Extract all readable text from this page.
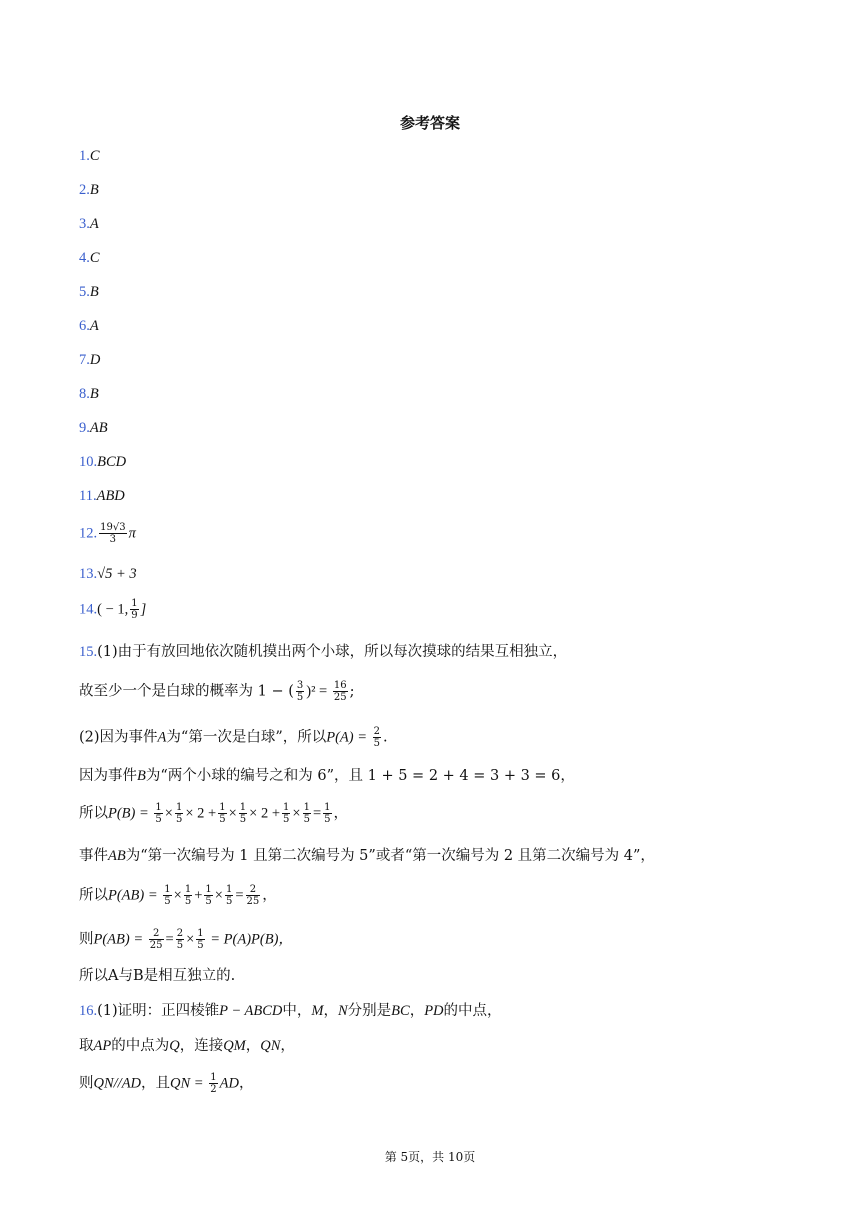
参考答案
1.C
2.B
3.A
4.C
5.B
6.A
7.D
8.B
9.AB
10.BCD
11.ABD
12. $\frac{19√3}{3}$ π
13.√5 + 3
14.( − 1, $\frac{1}{9}$ ]
15.(1)由于有放回地依次随机摸出两个小球，所以每次摸球的结果互相独立，
故至少一个是白球的概率为 1 − ( $\frac{3}{5} )^2 = \frac{16}{25}$ ;
(2)因为事件A为“第一次是白球”，所以$P(A) = \frac{2}{5}$ .
因为事件B为“两个小球的编号之和为 6”，且 1 + 5 = 2 + 4 = 3 + 3 = 6，
所以$P(B) = \frac{1}{5} \times \frac{1}{5} \times 2 + \frac{1}{5} \times \frac{1}{5} \times 2 + \frac{1}{5} \times \frac{1}{5} = \frac{1}{5}$ ，
事件AB为“第一次编号为 1 且第二次编号为 5”或者“第一次编号为 2 且第二次编号为 4”，
所以$P(AB) = \frac{1}{5} \times \frac{1}{5} + \frac{1}{5} \times \frac{1}{5} = \frac{2}{25}$ ，
则$P(AB) = \frac{2}{25} = \frac{2}{5} \times \frac{1}{5} = P(A)P(B)$，
所以A与B是相互独立的.
16.(1)证明：正四棱锥P − ABCD中，M，N分别是BC，PD的中点，
取AP的中点为Q，连接QM，QN，
则QN//AD，且QN = $\frac{1}{2}$ AD，
第 5页，共 10页
